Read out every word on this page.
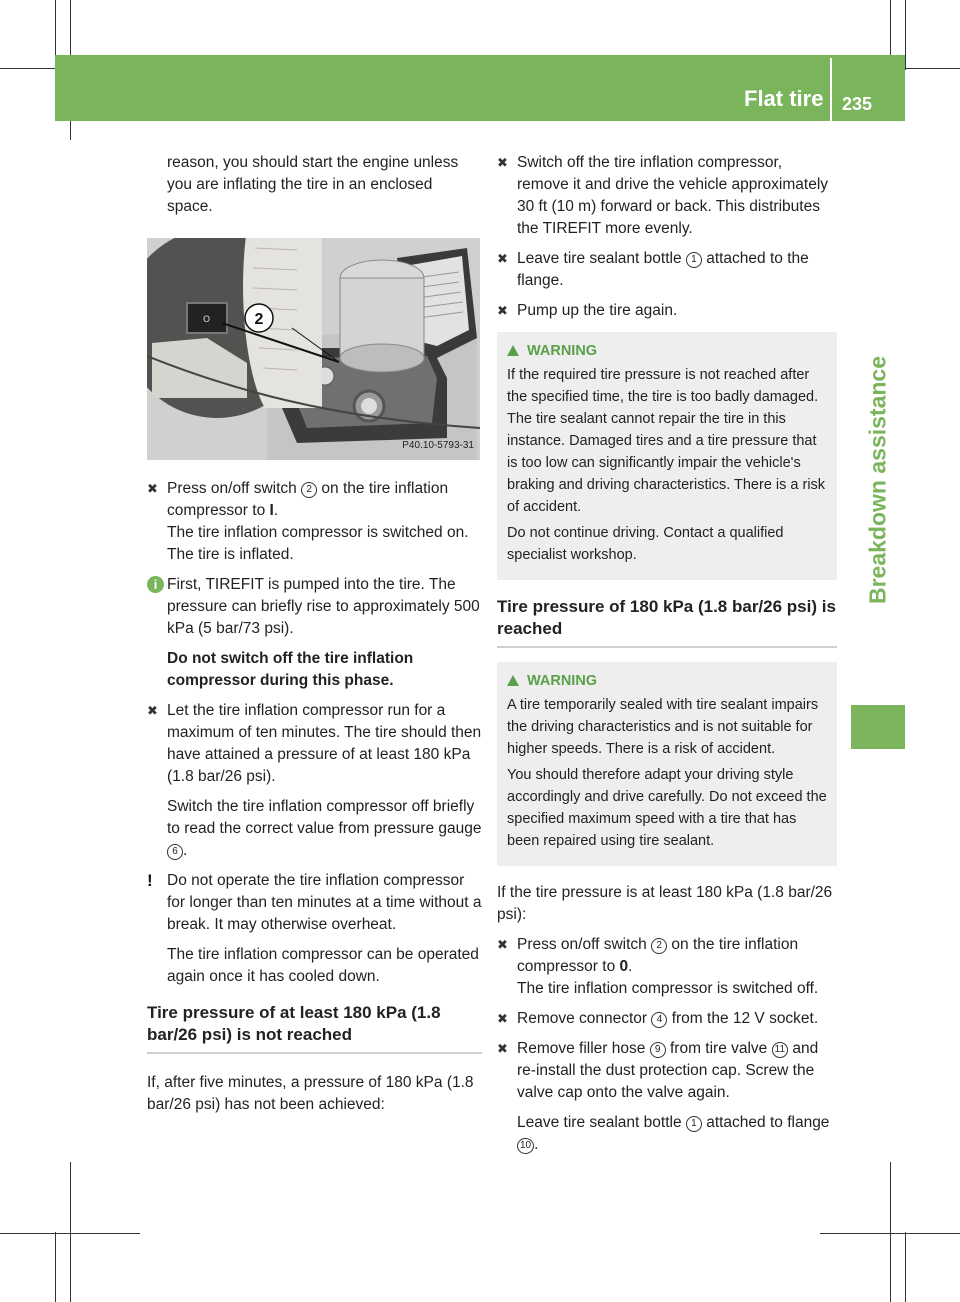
Flat tire 235
Breakdown assistance

reason, you should start the engine unless you are inflating the tire in an enclosed space.

O	2
P40.10-5793-31
✖ Press on/off switch 2 on the tire inflation compressor to I.
The tire inflation compressor is switched on. The tire is inflated.
i First, TIREFIT is pumped into the tire. The pressure can briefly rise to approximately 500 kPa (5 bar/73 psi).
Do not switch off the tire inflation compressor during this phase.
✖ Let the tire inflation compressor run for a maximum of ten minutes. The tire should then have attained a pressure of at least 180 kPa (1.8 bar/26 psi).
Switch the tire inflation compressor off briefly to read the correct value from pressure gauge 6 .
! Do not operate the tire inflation compressor for longer than ten minutes at a time without a break. It may otherwise overheat.
The tire inflation compressor can be operated again once it has cooled down.
Tire pressure of at least 180 kPa (1.8 bar/26 psi) is not reached

If, after five minutes, a pressure of 180 kPa (1.8 bar/26 psi) has not been achieved:

✖ Switch off the tire inflation compressor, remove it and drive the vehicle approximately 30 ft (10 m) forward or back. This distributes the TIREFIT more evenly.
✖ Leave tire sealant bottle 1 attached to the flange.
✖ Pump up the tire again.
WARNING

If the required tire pressure is not reached after the specified time, the tire is too badly damaged. The tire sealant cannot repair the tire in this instance. Damaged tires and a tire pressure that is too low can significantly impair the vehicle's braking and driving characteristics. There is a risk of accident.

Do not continue driving. Contact a qualified specialist workshop.

Tire pressure of 180 kPa (1.8 bar/26 psi) is reached
WARNING

A tire temporarily sealed with tire sealant impairs the driving characteristics and is not suitable for higher speeds. There is a risk of accident.

You should therefore adapt your driving style accordingly and drive carefully. Do not exceed the specified maximum speed with a tire that has been repaired using tire sealant.

If the tire pressure is at least 180 kPa (1.8 bar/26 psi):

✖ Press on/off switch 2 on the tire inflation compressor to 0.
The tire inflation compressor is switched off.
✖ Remove connector 4 from the 12 V socket.
✖ Remove filler hose 9 from tire valve 11 and re-install the dust protection cap. Screw the valve cap onto the valve again.
Leave tire sealant bottle 1 attached to flange 10 .
